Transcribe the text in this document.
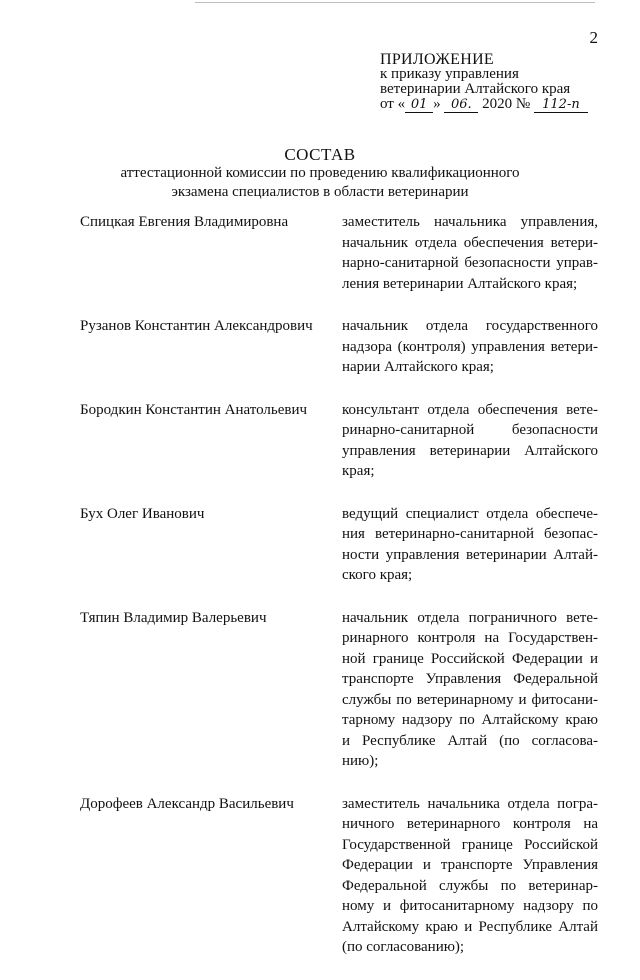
2
ПРИЛОЖЕНИЕ
к приказу управления
ветеринарии Алтайского края
от « 01 » 06. 2020 № 112-п
СОСТАВ
аттестационной комиссии по проведению квалификационного
экзамена специалистов в области ветеринарии
Спицкая Евгения Владимировна	заместитель начальника управления,
начальник отдела обеспечения ветери-
нарно-санитарной безопасности управ-
ления ветеринарии Алтайского края;
Рузанов Константин Александрович	начальник отдела государственного
надзора (контроля) управления ветери-
нарии Алтайского края;
Бородкин Константин Анатольевич	консультант отдела обеспечения вете-
ринарно-санитарной безопасности
управления ветеринарии Алтайского
края;
Бух Олег Иванович	ведущий специалист отдела обеспече-
ния ветеринарно-санитарной безопас-
ности управления ветеринарии Алтай-
ского края;
Тяпин Владимир Валерьевич	начальник отдела пограничного вете-
ринарного контроля на Государствен-
ной границе Российской Федерации и
транспорте Управления Федеральной
службы по ветеринарному и фитосани-
тарному надзору по Алтайскому краю
и Республике Алтай (по согласова-
нию);
Дорофеев Александр Васильевич	заместитель начальника отдела погра-
ничного ветеринарного контроля на
Государственной границе Российской
Федерации и транспорте Управления
Федеральной службы по ветеринар-
ному и фитосанитарному надзору по
Алтайскому краю и Республике Алтай
(по согласованию);
